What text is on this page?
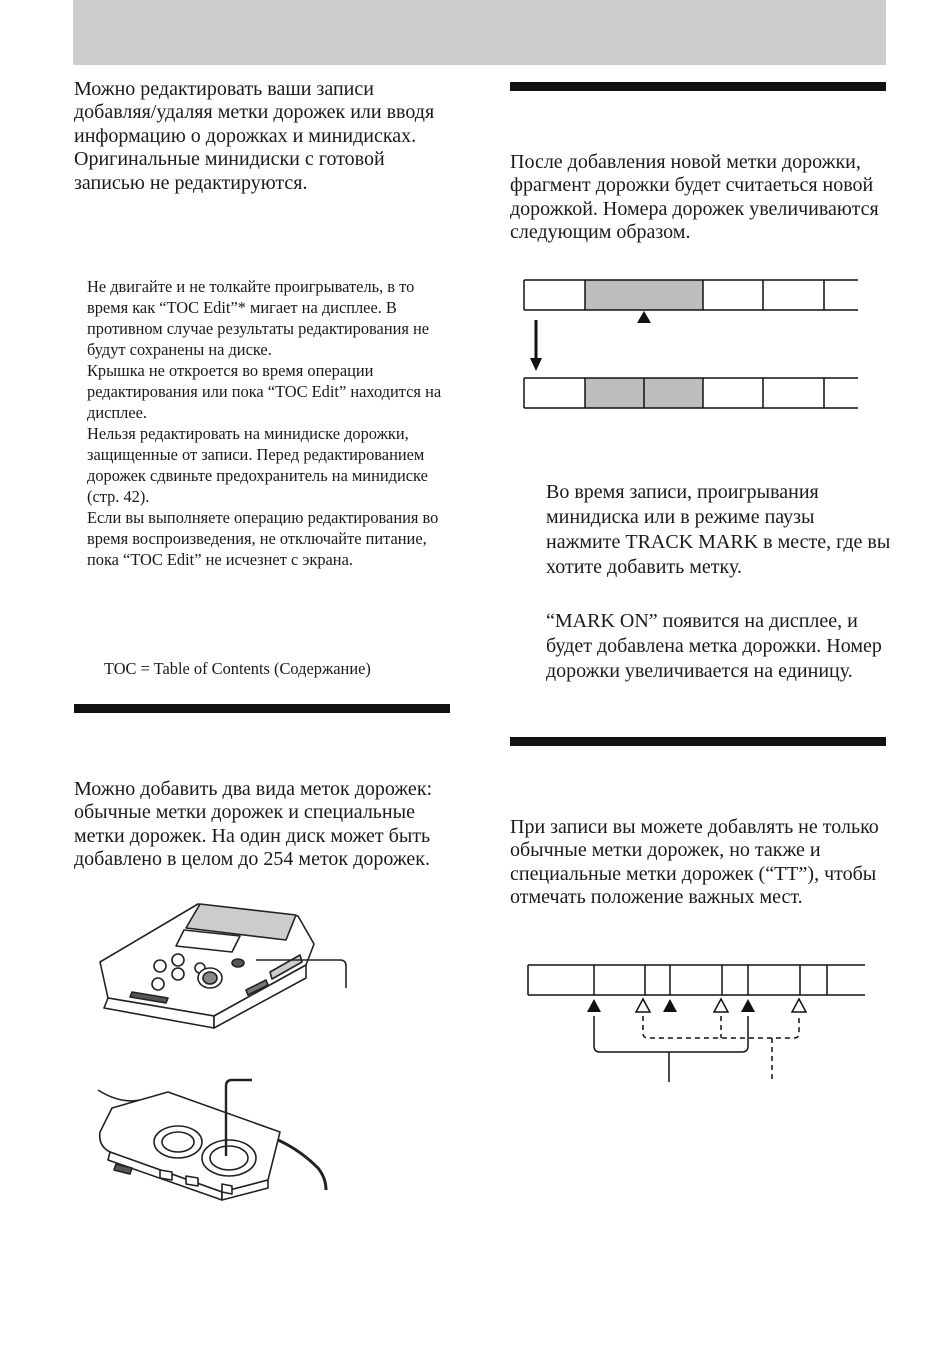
Можно редактировать ваши записи добавляя/удаляя метки дорожек или вводя информацию о дорожках и минидисках. Оригинальные минидиски с готовой записью не редактируются.

Не двигайте и не толкайте проигрыватель, в то время как “TOC Edit”* мигает на дисплее. В противном случае результаты редактирования не будут сохранены на диске.

Крышка не откроется во время операции редактирования или пока “TOC Edit” находится на дисплее.

Нельзя редактировать на минидиске дорожки, защищенные от записи. Перед редактированием дорожек сдвиньте предохранитель на минидиске (стр. 42).

Если вы выполняете операцию редактирования во время воспроизведения, не отключайте питание, пока “TOC Edit” не исчезнет с экрана.

TOC = Table of Contents (Содержание)

Можно добавить два вида меток дорожек: обычные метки дорожек и специальные метки дорожек. На один диск может быть добавлено в целом до 254 меток дорожек.

После добавления новой метки дорожки, фрагмент дорожки будет считаеться новой дорожкой. Номера дорожек увеличиваются следующим образом.

Во время записи, проигрывания минидиска или в режиме паузы нажмите TRACK MARK в месте, где вы хотите добавить метку.

“MARK ON” появится на дисплее, и будет добавлена метка дорожки. Номер дорожки увеличивается на единицу.

При записи вы можете добавлять не только обычные метки дорожек, но также и специальные метки дорожек (“TT”), чтобы отмечать положение важных мест.
